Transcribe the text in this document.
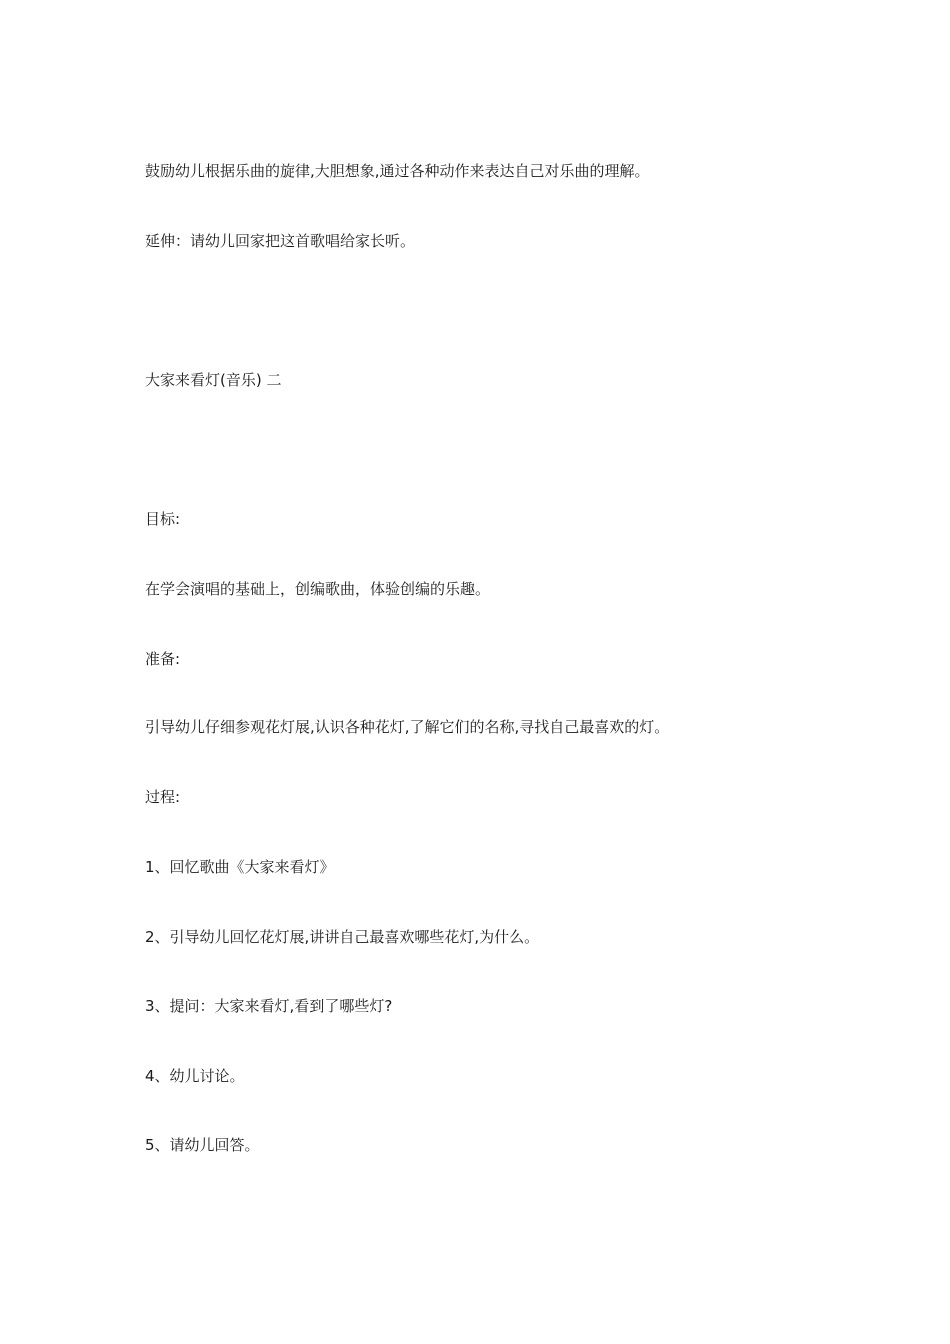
鼓励幼儿根据乐曲的旋律,大胆想象,通过各种动作来表达自己对乐曲的理解。
延伸：请幼儿回家把这首歌唱给家长听。
大家来看灯(音乐) 二
目标:
在学会演唱的基础上，创编歌曲，体验创编的乐趣。
准备:
引导幼儿仔细参观花灯展,认识各种花灯,了解它们的名称,寻找自己最喜欢的灯。
过程:
1、回忆歌曲《大家来看灯》
2、引导幼儿回忆花灯展,讲讲自己最喜欢哪些花灯,为什么。
3、提问：大家来看灯,看到了哪些灯?
4、幼儿讨论。
5、请幼儿回答。
